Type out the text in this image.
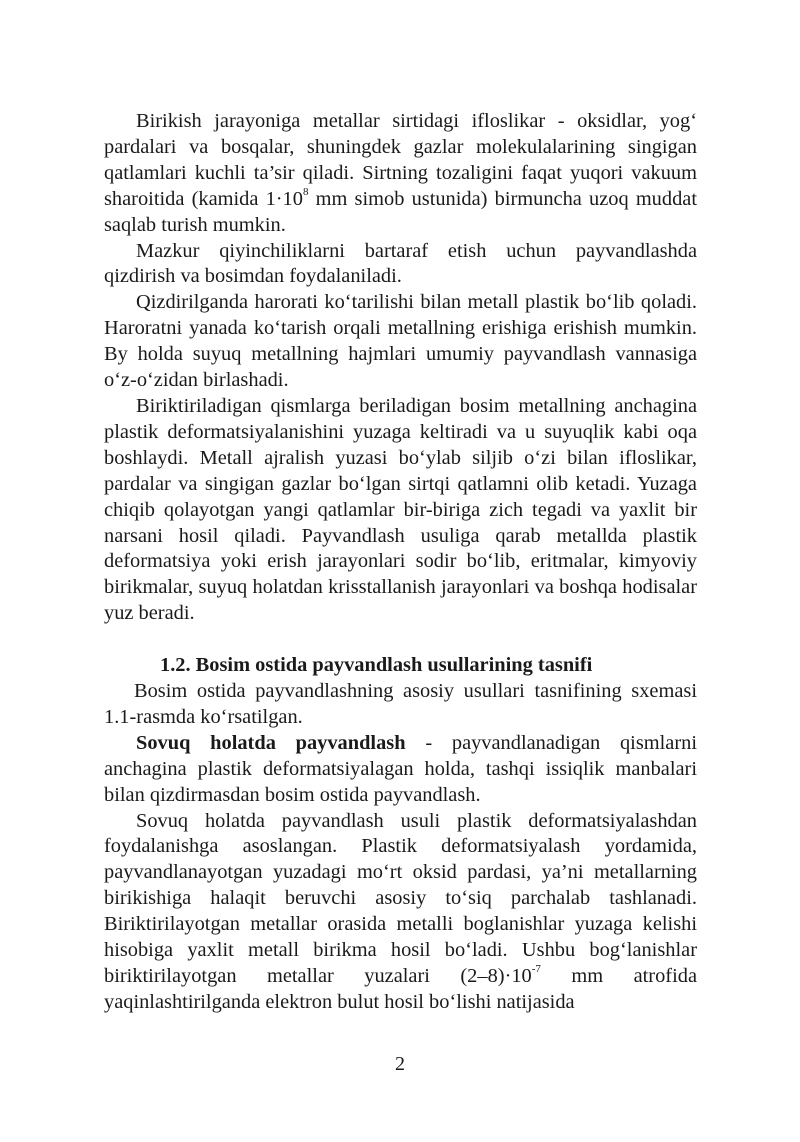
Birikish jarayoniga metallar sirtidagi ifloslikar - oksidlar, yog‘ pardalari va bosqalar, shuningdek gazlar molekulalarining singigan qatlamlari kuchli ta’sir qiladi. Sirtning tozaligini faqat yuqori vakuum sharoitida (kamida $1\cdot 10^8$ mm simob ustunida) birmuncha uzoq muddat saqlab turish mumkin.

Mazkur qiyinchiliklarni bartaraf etish uchun payvandlashda qizdirish va bosimdan foydalaniladi.

Qizdirilganda harorati ko‘tarilishi bilan metall plastik bo‘lib qoladi. Haroratni yanada ko‘tarish orqali metallning erishiga erishish mumkin. By holda suyuq metallning hajmlari umumiy payvandlash vannasiga o‘z-o‘zidan birlashadi.

Biriktiriladigan qismlarga beriladigan bosim metallning anchagina plastik deformatsiyalanishini yuzaga keltiradi va u suyuqlik kabi oqa boshlaydi. Metall ajralish yuzasi bo‘ylab siljib o‘zi bilan ifloslikar, pardalar va singigan gazlar bo‘lgan sirtqi qatlamni olib ketadi. Yuzaga chiqib qolayotgan yangi qatlamlar bir-biriga zich tegadi va yaxlit bir narsani hosil qiladi. Payvandlash usuliga qarab metallda plastik deformatsiya yoki erish jarayonlari sodir bo‘lib, eritmalar, kimyoviy birikmalar, suyuq holatdan krisstallanish jarayonlari va boshqa hodisalar yuz beradi.

1.2. Bosim ostida payvandlash usullarining tasnifi

Bosim ostida payvandlashning asosiy usullari tasnifining sxemasi 1.1-rasmda ko‘rsatilgan.

Sovuq holatda payvandlash - payvandlanadigan qismlarni anchagina plastik deformatsiyalagan holda, tashqi issiqlik manbalari bilan qizdirmasdan bosim ostida payvandlash.

Sovuq holatda payvandlash usuli plastik deformatsiyalashdan foydalanishga asoslangan. Plastik deformatsiyalash yordamida, payvandlanayotgan yuzadagi mo‘rt oksid pardasi, ya’ni metallarning birikishiga halaqit beruvchi asosiy to‘siq parchalab tashlanadi. Biriktirilayotgan metallar orasida metalli boglanishlar yuzaga kelishi hisobiga yaxlit metall birikma hosil bo‘ladi. Ushbu bog‘lanishlar biriktirilayotgan metallar yuzalari $(2-8)\cdot 10^{-7}$ mm atrofida yaqinlashtirilganda elektron bulut hosil bo‘lishi natijasida

2
